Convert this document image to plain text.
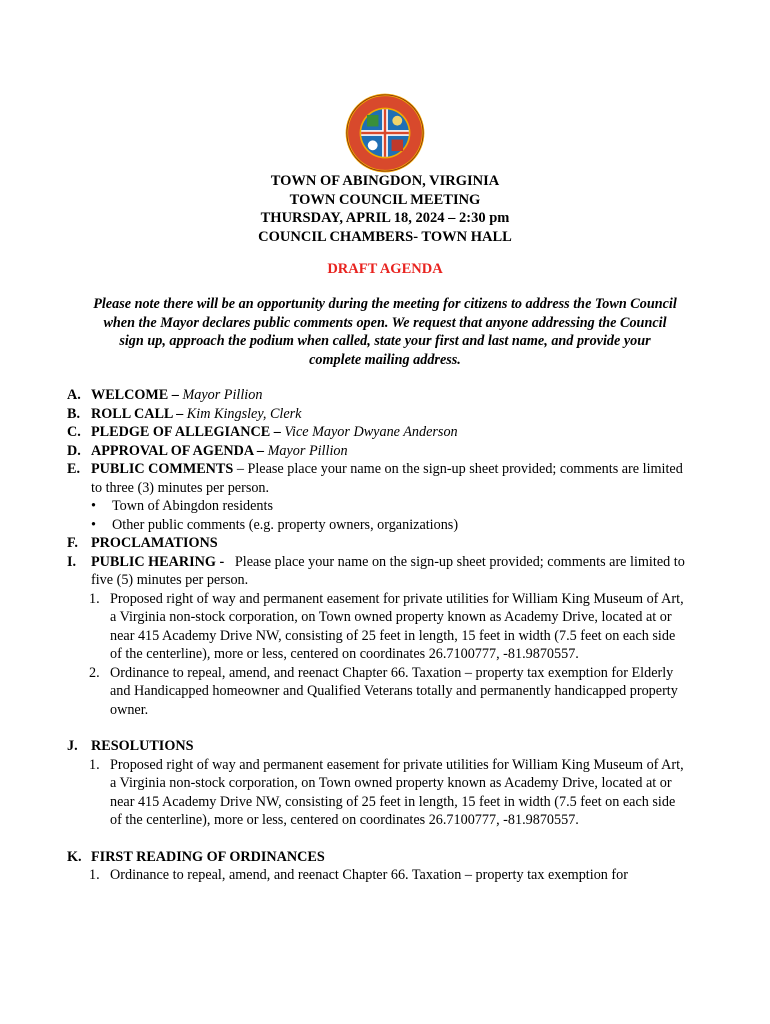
TOWN OF ABINGDON, VIRGINIA
TOWN COUNCIL MEETING
THURSDAY, APRIL 18, 2024 – 2:30 pm
COUNCIL CHAMBERS- TOWN HALL
DRAFT AGENDA
Please note there will be an opportunity during the meeting for citizens to address the Town Council when the Mayor declares public comments open. We request that anyone addressing the Council sign up, approach the podium when called, state your first and last name, and provide your complete mailing address.
A. WELCOME – Mayor Pillion
B. ROLL CALL – Kim Kingsley, Clerk
C. PLEDGE OF ALLEGIANCE – Vice Mayor Dwyane Anderson
D. APPROVAL OF AGENDA – Mayor Pillion
E. PUBLIC COMMENTS – Please place your name on the sign-up sheet provided; comments are limited to three (3) minutes per person.
• Town of Abingdon residents
• Other public comments (e.g. property owners, organizations)
F. PROCLAMATIONS
I. PUBLIC HEARING -   Please place your name on the sign-up sheet provided; comments are limited to five (5) minutes per person.
1. Proposed right of way and permanent easement for private utilities for William King Museum of Art, a Virginia non-stock corporation, on Town owned property known as Academy Drive, located at or near 415 Academy Drive NW, consisting of 25 feet in length, 15 feet in width (7.5 feet on each side of the centerline), more or less, centered on coordinates 26.7100777, -81.9870557.
2. Ordinance to repeal, amend, and reenact Chapter 66. Taxation – property tax exemption for Elderly and Handicapped homeowner and Qualified Veterans totally and permanently handicapped property owner.
J. RESOLUTIONS
1. Proposed right of way and permanent easement for private utilities for William King Museum of Art, a Virginia non-stock corporation, on Town owned property known as Academy Drive, located at or near 415 Academy Drive NW, consisting of 25 feet in length, 15 feet in width (7.5 feet on each side of the centerline), more or less, centered on coordinates 26.7100777, -81.9870557.
K. FIRST READING OF ORDINANCES
1. Ordinance to repeal, amend, and reenact Chapter 66. Taxation – property tax exemption for
